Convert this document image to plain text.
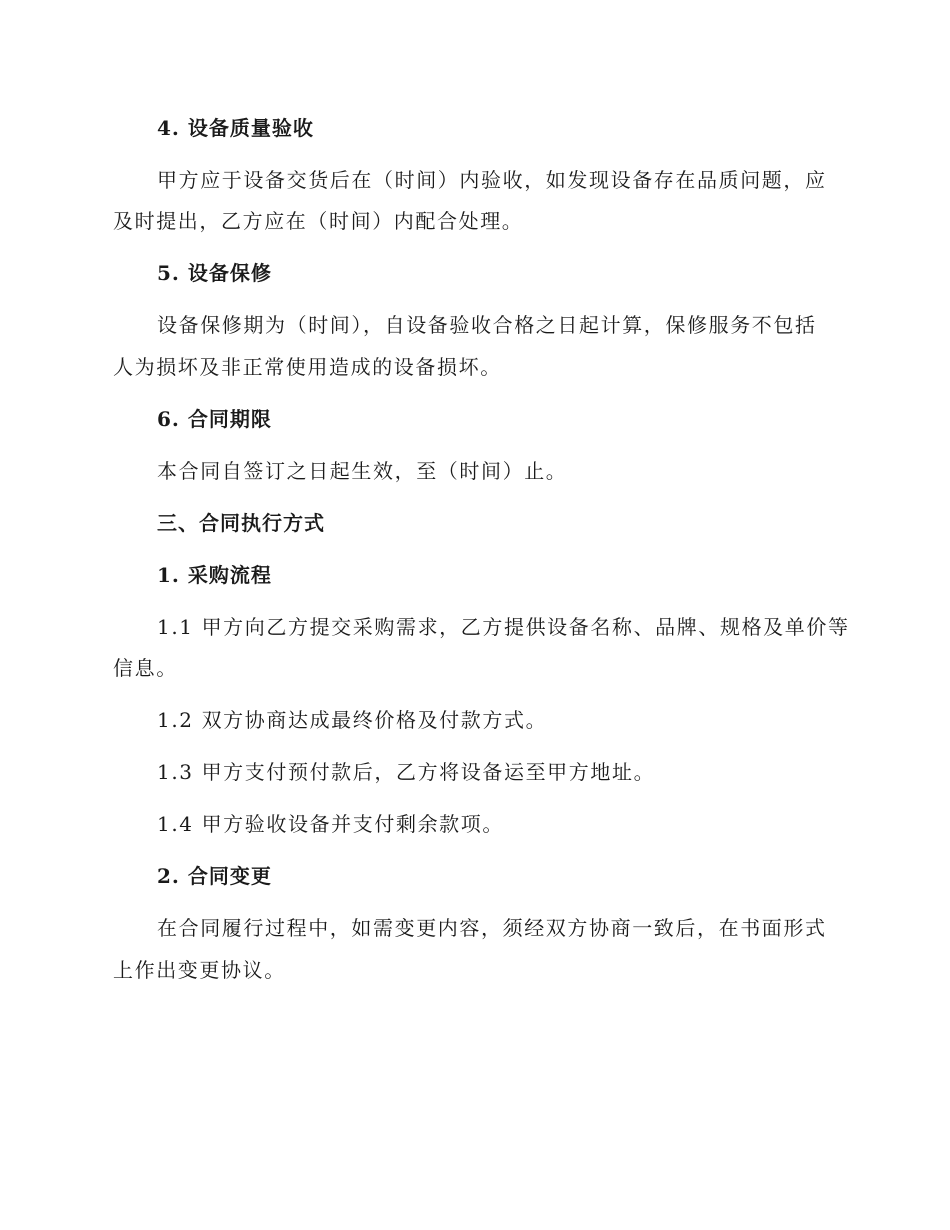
4. 设备质量验收
甲方应于设备交货后在（时间）内验收，如发现设备存在品质问题，应
及时提出，乙方应在（时间）内配合处理。
5. 设备保修
设备保修期为（时间），自设备验收合格之日起计算，保修服务不包括
人为损坏及非正常使用造成的设备损坏。
6. 合同期限
本合同自签订之日起生效，至（时间）止。
三、合同执行方式
1. 采购流程
1.1 甲方向乙方提交采购需求，乙方提供设备名称、品牌、规格及单价等
信息。
1.2 双方协商达成最终价格及付款方式。
1.3 甲方支付预付款后，乙方将设备运至甲方地址。
1.4 甲方验收设备并支付剩余款项。
2. 合同变更
在合同履行过程中，如需变更内容，须经双方协商一致后，在书面形式
上作出变更协议。
